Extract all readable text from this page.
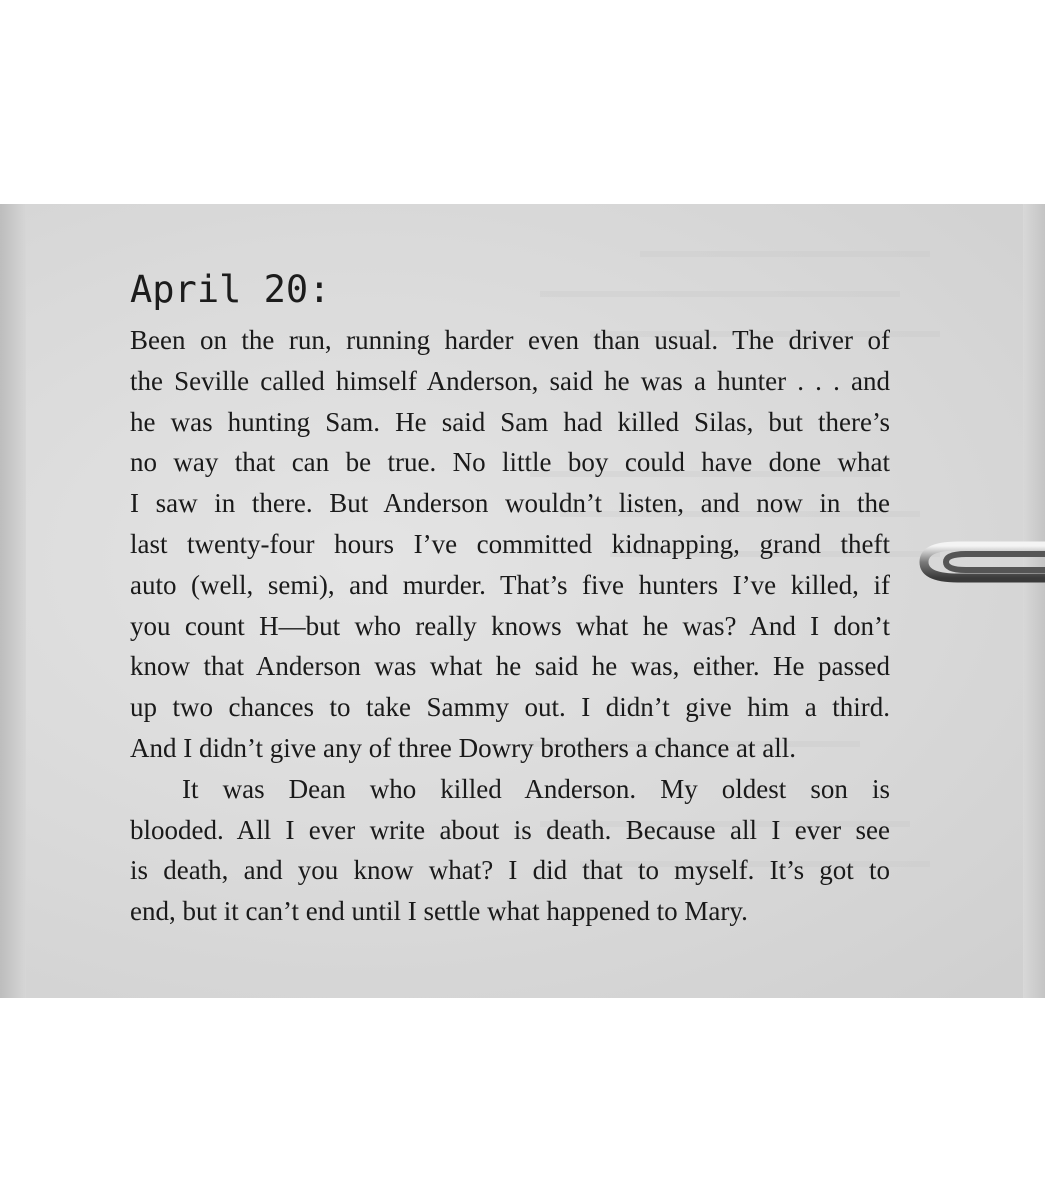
April 20:
Been on the run, running harder even than usual. The driver of
the Seville called himself Anderson, said he was a hunter . . . and
he was hunting Sam. He said Sam had killed Silas, but there’s
no way that can be true. No little boy could have done what
I saw in there. But Anderson wouldn’t listen, and now in the
last twenty-four hours I’ve committed kidnapping, grand theft
auto (well, semi), and murder. That’s five hunters I’ve killed, if
you count H—but who really knows what he was? And I don’t
know that Anderson was what he said he was, either. He passed
up two chances to take Sammy out. I didn’t give him a third.
And I didn’t give any of three Dowry brothers a chance at all.
It was Dean who killed Anderson. My oldest son is
blooded. All I ever write about is death. Because all I ever see
is death, and you know what? I did that to myself. It’s got to
end, but it can’t end until I settle what happened to Mary.
